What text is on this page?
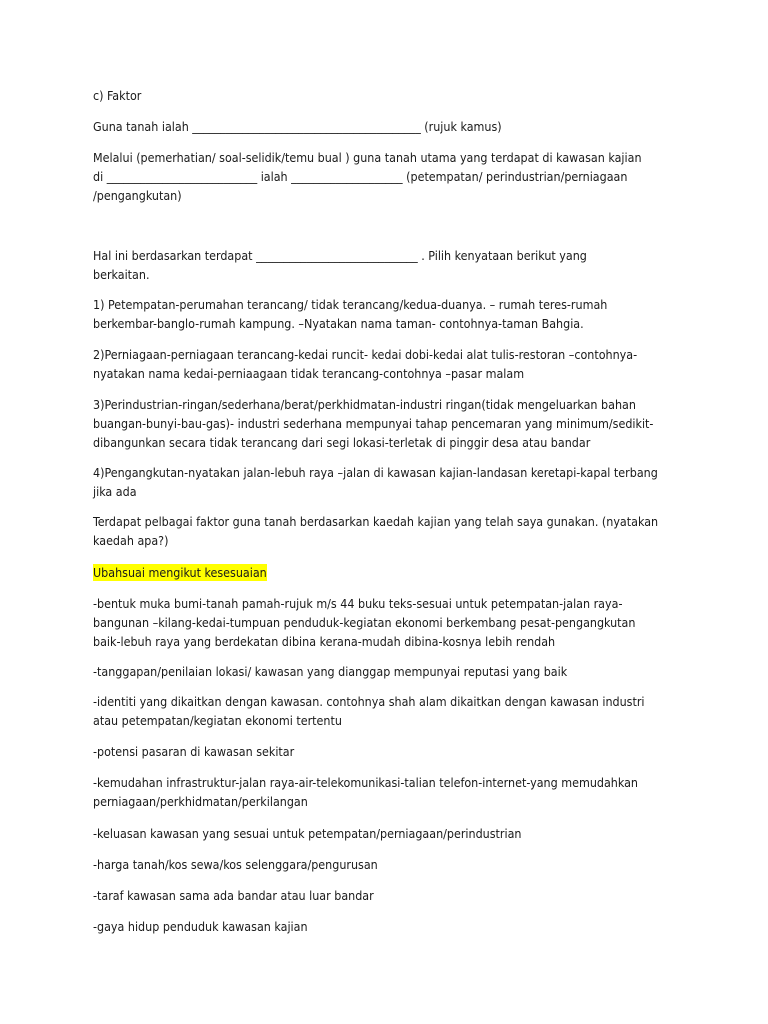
c) Faktor

Guna tanah ialah _________________________________________ (rujuk kamus)

Melalui (pemerhatian/ soal-selidik/temu bual ) guna tanah utama yang terdapat di kawasan kajian
di ___________________________ ialah ____________________ (petempatan/ perindustrian/perniagaan
/pengangkutan)

Hal ini berdasarkan terdapat _____________________________ . Pilih kenyataan berikut yang
berkaitan.

1) Petempatan-perumahan terancang/ tidak terancang/kedua-duanya. – rumah teres-rumah
berkembar-banglo-rumah kampung. –Nyatakan nama taman- contohnya-taman Bahgia.

2)Perniagaan-perniagaan terancang-kedai runcit- kedai dobi-kedai alat tulis-restoran –contohnya-
nyatakan nama kedai-perniaagaan tidak terancang-contohnya –pasar malam

3)Perindustrian-ringan/sederhana/berat/perkhidmatan-industri ringan(tidak mengeluarkan bahan
buangan-bunyi-bau-gas)- industri sederhana mempunyai tahap pencemaran yang minimum/sedikit-
dibangunkan secara tidak terancang dari segi lokasi-terletak di pinggir desa atau bandar

4)Pengangkutan-nyatakan jalan-lebuh raya –jalan di kawasan kajian-landasan keretapi-kapal terbang
jika ada

Terdapat pelbagai faktor guna tanah berdasarkan kaedah kajian yang telah saya gunakan. (nyatakan
kaedah apa?)

Ubahsuai mengikut kesesuaian

-bentuk muka bumi-tanah pamah-rujuk m/s 44 buku teks-sesuai untuk petempatan-jalan raya-
bangunan –kilang-kedai-tumpuan penduduk-kegiatan ekonomi berkembang pesat-pengangkutan
baik-lebuh raya yang berdekatan dibina kerana-mudah dibina-kosnya lebih rendah

-tanggapan/penilaian lokasi/ kawasan yang dianggap mempunyai reputasi yang baik

-identiti yang dikaitkan dengan kawasan. contohnya shah alam dikaitkan dengan kawasan industri
atau petempatan/kegiatan ekonomi tertentu

-potensi pasaran di kawasan sekitar

-kemudahan infrastruktur-jalan raya-air-telekomunikasi-talian telefon-internet-yang memudahkan
perniagaan/perkhidmatan/perkilangan

-keluasan kawasan yang sesuai untuk petempatan/perniagaan/perindustrian

-harga tanah/kos sewa/kos selenggara/pengurusan

-taraf kawasan sama ada bandar atau luar bandar

-gaya hidup penduduk kawasan kajian
